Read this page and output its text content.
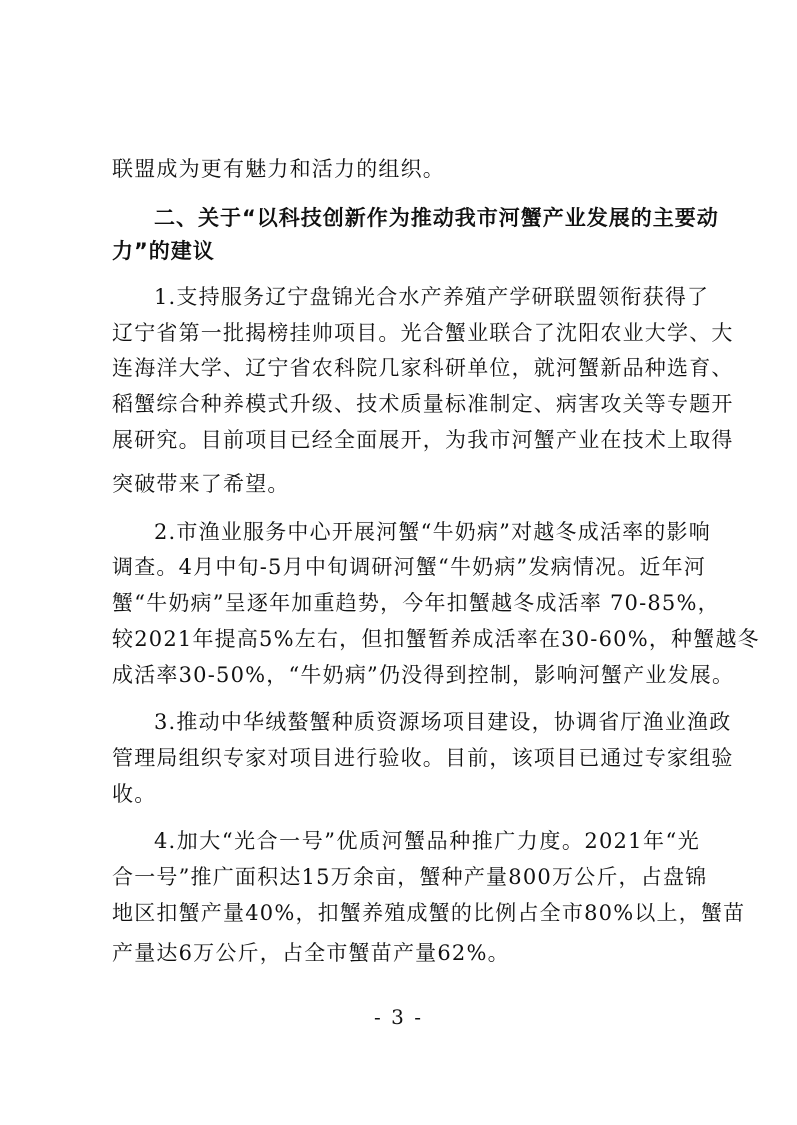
联盟成为更有魅力和活力的组织。
二、关于“以科技创新作为推动我市河蟹产业发展的主要动
力”的建议
1.支持服务辽宁盘锦光合水产养殖产学研联盟领衔获得了
辽宁省第一批揭榜挂帅项目。光合蟹业联合了沈阳农业大学、大
连海洋大学、辽宁省农科院几家科研单位，就河蟹新品种选育、
稻蟹综合种养模式升级、技术质量标准制定、病害攻关等专题开
展研究。目前项目已经全面展开，为我市河蟹产业在技术上取得
突破带来了希望。
2.市渔业服务中心开展河蟹“牛奶病”对越冬成活率的影响
调查。4月中旬-5月中旬调研河蟹“牛奶病”发病情况。近年河
蟹“牛奶病”呈逐年加重趋势，今年扣蟹越冬成活率 70-85%，
较2021年提高5%左右，但扣蟹暂养成活率在30-60%，种蟹越冬
成活率30-50%，“牛奶病”仍没得到控制，影响河蟹产业发展。
3.推动中华绒螯蟹种质资源场项目建设，协调省厅渔业渔政
管理局组织专家对项目进行验收。目前，该项目已通过专家组验
收。
4.加大“光合一号”优质河蟹品种推广力度。2021年“光
合一号”推广面积达15万余亩，蟹种产量800万公斤，占盘锦
地区扣蟹产量40%，扣蟹养殖成蟹的比例占全市80%以上，蟹苗
产量达6万公斤，占全市蟹苗产量62%。
- 3 -
